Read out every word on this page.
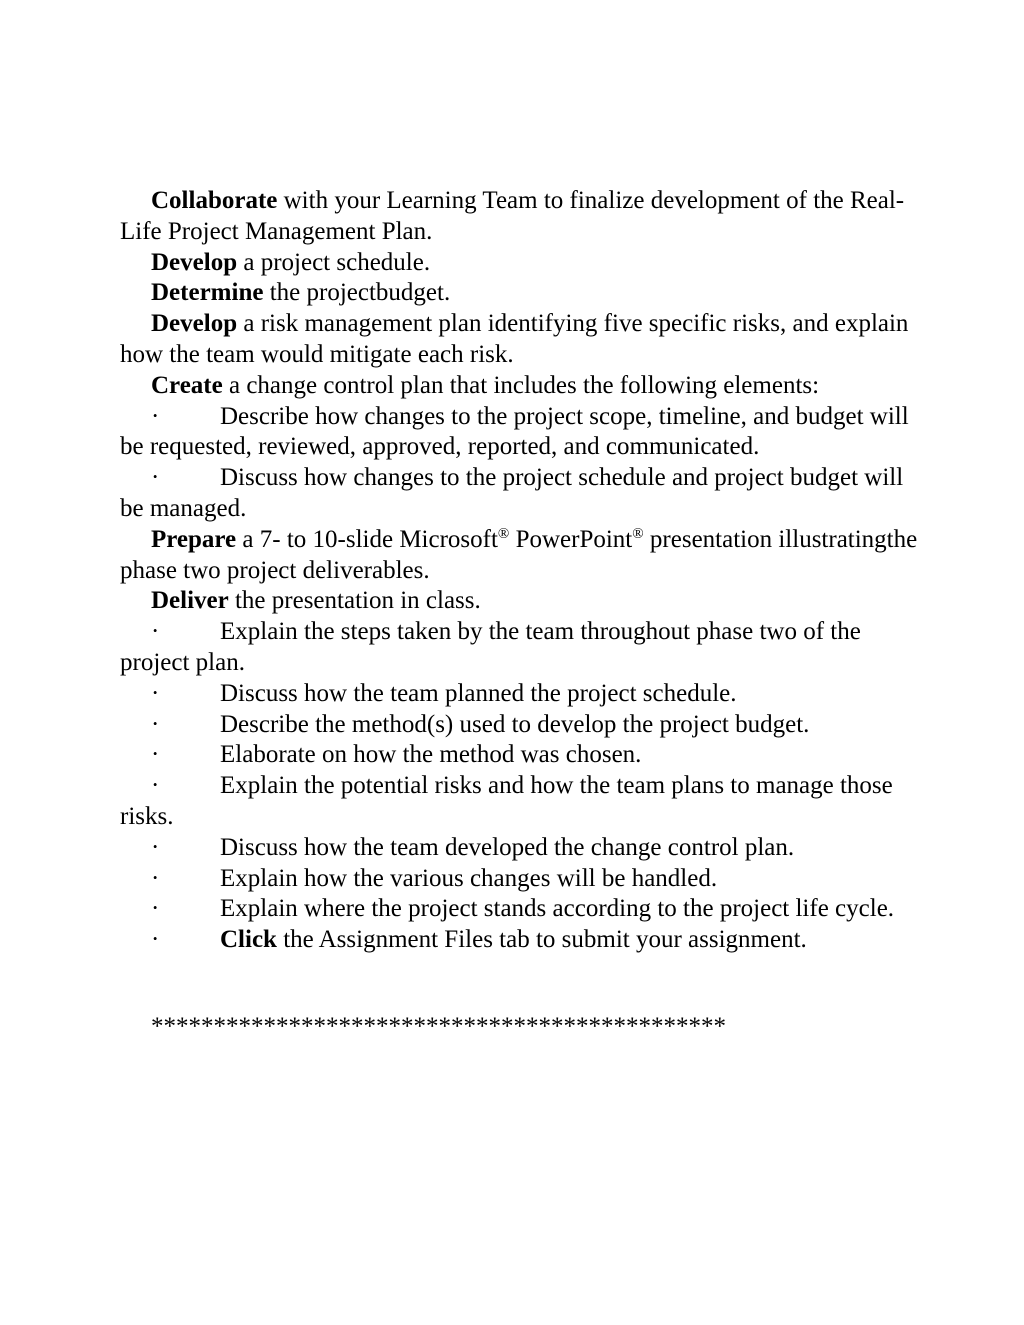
Collaborate with your Learning Team to finalize development of the Real-Life Project Management Plan.

Develop a project schedule.

Determine the projectbudget.

Develop a risk management plan identifying five specific risks, and explain how the team would mitigate each risk.

Create a change control plan that includes the following elements:

· Describe how changes to the project scope, timeline, and budget will be requested, reviewed, approved, reported, and communicated.

· Discuss how changes to the project schedule and project budget will be managed.

Prepare a 7- to 10-slide Microsoft® PowerPoint® presentation illustratingthe phase two project deliverables.

Deliver the presentation in class.

· Explain the steps taken by the team throughout phase two of the project plan.

· Discuss how the team planned the project schedule.

· Describe the method(s) used to develop the project budget.

· Elaborate on how the method was chosen.

· Explain the potential risks and how the team plans to manage those risks.

· Discuss how the team developed the change control plan.

· Explain how the various changes will be handled.

· Explain where the project stands according to the project life cycle.

· Click the Assignment Files tab to submit your assignment.

**********************************************
